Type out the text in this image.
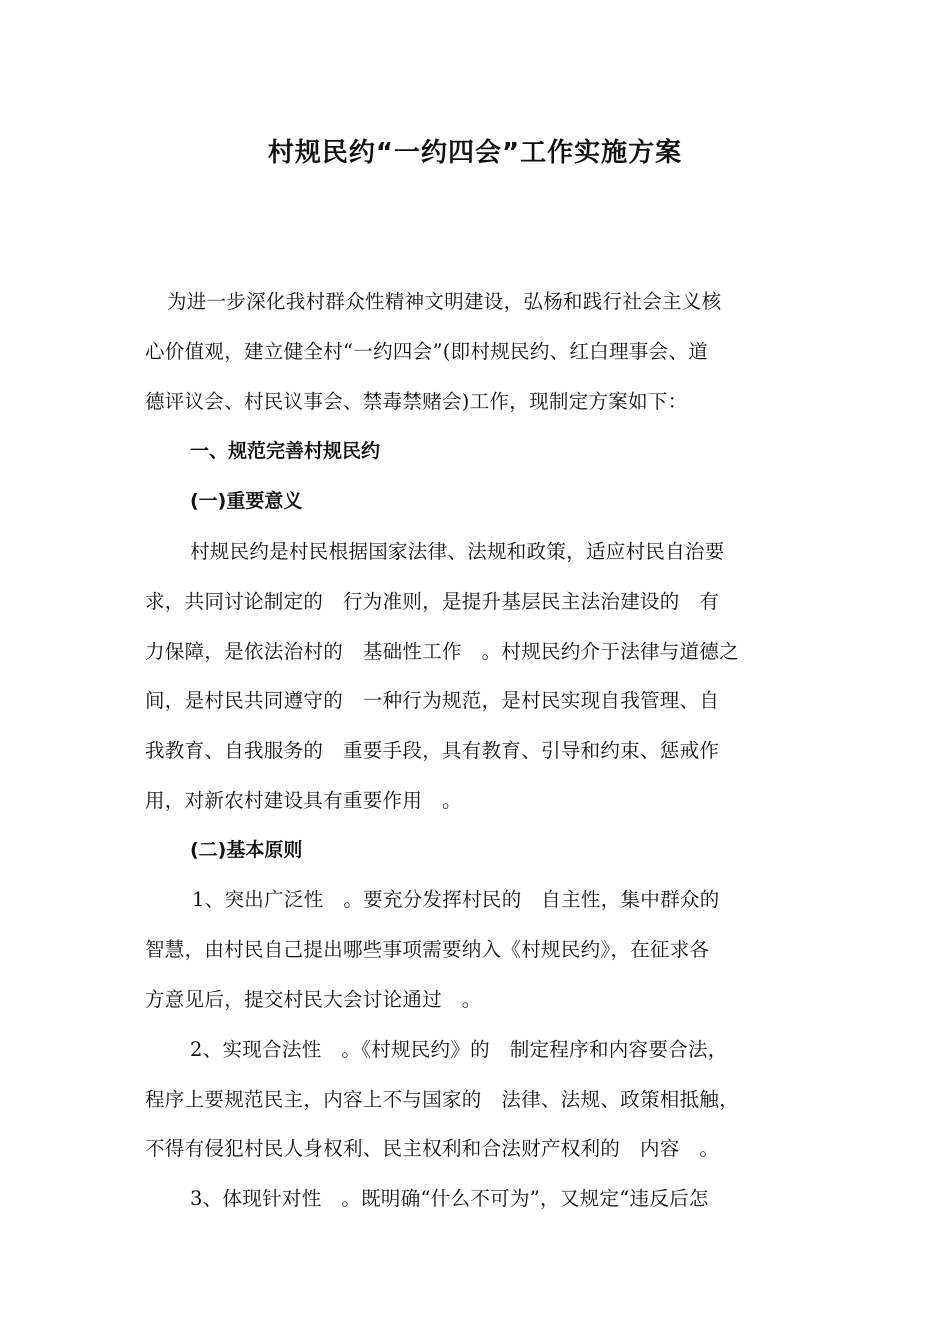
村规民约“一约四会”工作实施方案
为进一步深化我村群众性精神文明建设，弘杨和践行社会主义核
心价值观，建立健全村“一约四会”(即村规民约、红白理事会、道
德评议会、村民议事会、禁毒禁赌会)工作，现制定方案如下：
一、规范完善村规民约
(一)重要意义
村规民约是村民根据国家法律、法规和政策，适应村民自治要
求，共同讨论制定的　行为准则，是提升基层民主法治建设的　有
力保障，是依法治村的　基础性工作　。村规民约介于法律与道德之
间，是村民共同遵守的　一种行为规范，是村民实现自我管理、自
我教育、自我服务的　重要手段，具有教育、引导和约束、惩戒作
用，对新农村建设具有重要作用　。
(二)基本原则
1、突出广泛性　。要充分发挥村民的　自主性，集中群众的
智慧，由村民自己提出哪些事项需要纳入《村规民约》，在征求各
方意见后，提交村民大会讨论通过　。
2、实现合法性　。《村规民约》的　制定程序和内容要合法，
程序上要规范民主，内容上不与国家的　法律、法规、政策相抵触，
不得有侵犯村民人身权利、民主权利和合法财产权利的　内容　。
3、体现针对性　。既明确“什么不可为”，又规定“违反后怎
